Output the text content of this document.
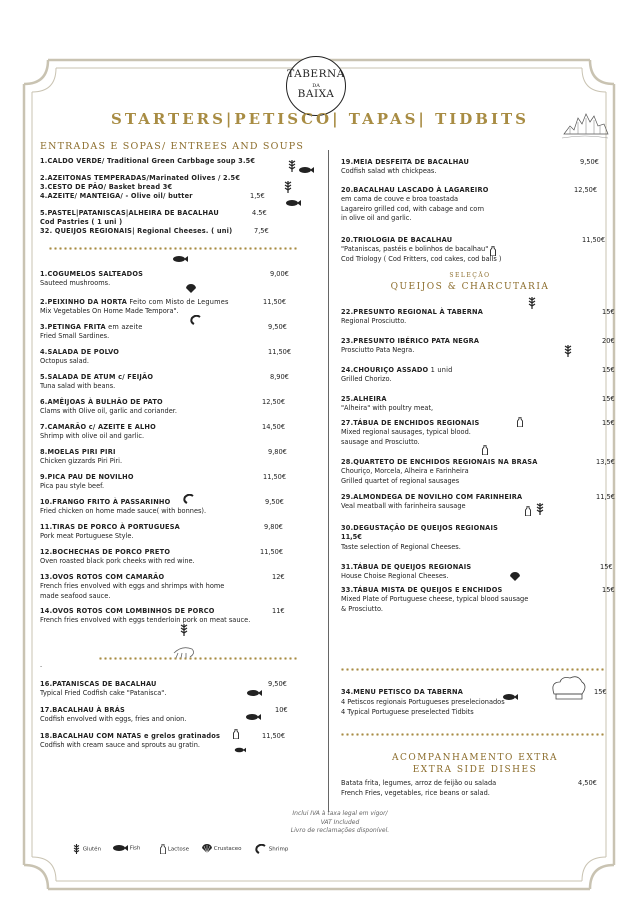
TABERNA
DA
BAIXA
STARTERS|PETISCO| TAPAS| TIDBITS
ENTRADAS E SOPAS/ ENTREES AND SOUPS
1.CALDO VERDE/ Traditional Green Carbbage soup 3.5€
2.AZEITONAS TEMPERADAS/Marinated Olives / 2.5€
3.CESTO DE PÃO/ Basket bread 3€
4.AZEITE/ MANTEIGA/ - Olive oil/ butter	1,5€
5.PASTEL|PATANISCAS|ALHEIRA DE BACALHAU	4.5€
Cod Pastries ( 1 uni )
32. QUEIJOS REGIONAIS| Regional Cheeses. ( uni)	7,5€
1.COGUMELOS SALTEADOS	9,00€
Sauteed mushrooms.
2.PEIXINHO DA HORTA Feito com Misto de Legumes	11,50€
Mix Vegetables On Home Made Tempora".
3.PETINGA FRITA em azeite	9,50€
Fried Small Sardines.
4.SALADA DE POLVO	11,50€
Octopus salad.
5.SALADA DE ATUM c/ FEIJÃO	8,90€
Tuna salad with beans.
6.AMÊIJOAS À BULHÃO DE PATO	12,50€
Clams with Olive oil, garlic and coriander.
7.CAMARÃO c/ AZEITE E ALHO	14,50€
Shrimp with olive oil and garlic.
8.MOELAS PIRI PIRI	9,80€
Chicken gizzards Piri Piri.
9.PICA PAU DE NOVILHO	11,50€
Pica pau style beef.
10.FRANGO FRITO À PASSARINHO	9,50€
Fried chicken on home made sauce( with bonnes).
11.TIRAS DE PORCO À PORTUGUESA	9,80€
Pork meat Portuguese Style.
12.BOCHECHAS DE PORCO PRETO	11,50€
Oven roasted black pork cheeks with red wine.
13.OVOS ROTOS COM CAMARÃO	12€
French fries envolved with eggs and shrimps with home
made seafood sauce.
14.OVOS ROTOS COM LOMBINHOS DE PORCO	11€
French fries envolved with eggs tenderloin pork on meat sauce.
.
16.PATANISCAS DE BACALHAU	9,50€
Typical Fried Codfish cake "Patanisca".
17.BACALHAU À BRÁS	10€
Codfish envolved with eggs, fries and onion.
18.BACALHAU COM NATAS e grelos gratinados	11,50€
Codfish with cream sauce and sprouts au gratin.
19.MEIA DESFEITA DE BACALHAU	9,50€
Codfish salad wth chickpeas.
20.BACALHAU LASCADO À LAGAREIRO	12,50€
em cama de couve e broa toastada
Lagareiro grilled cod, with cabage and corn
in olive oil and garlic.
20.TRIOLOGIA DE BACALHAU	11,50€
"Pataniscas, pastéis e bolinhos de bacalhau"
Cod Triology ( Cod Fritters, cod cakes, cod balls )
SELEÇÃO
QUEIJOS & CHARCUTARIA
22.PRESUNTO REGIONAL À TABERNA	15€
Regional Prosciutto.
23.PRESUNTO IBÉRICO PATA NEGRA	20€
Prosciutto Pata Negra.
24.CHOURIÇO ASSADO 1 unid	15€
Grilled Chorizo.
25.ALHEIRA	15€
"Alheira" with poultry meat,
27.TÁBUA DE ENCHIDOS REGIONAIS	15€
Mixed regional sausages, typical blood.
sausage and Prosciutto.
28.QUARTETO DE ENCHIDOS REGIONAIS NA BRASA	13,5€
Chouriço, Morcela, Alheira e Farinheira
Grilled quartet of regional sausages
29.ALMONDEGA DE NOVILHO COM FARINHEIRA	11,5€
Veal meatball with farinheira sausage
30.DEGUSTAÇÃO DE QUEIJOS REGIONAIS
11,5€
Taste selection of Regional Cheeses.
31.TÁBUA DE QUEIJOS REGIONAIS	15€
House Choise Regional Cheeses.
33.TÁBUA MISTA DE QUEIJOS E ENCHIDOS	15€
Mixed Plate of Portuguese cheese, typical blood sausage
& Prosciutto.
34.MENU PETISCO DA TABERNA	15€
4 Petiscos regionais Portugueses preselecionados
4 Typical Portuguese preselected Tidbits
ACOMPANHAMENTO EXTRA
EXTRA SIDE DISHES
Batata frita, legumes, arroz de feijão ou salada	4,50€
French Fries, vegetables, rice beans or salad.
Inclui IVA à taxa legal em vigor/
VAT Included
Livro de reclamações disponível.
Glutén	Fish	Lactose	Crustaceo	Shrimp
